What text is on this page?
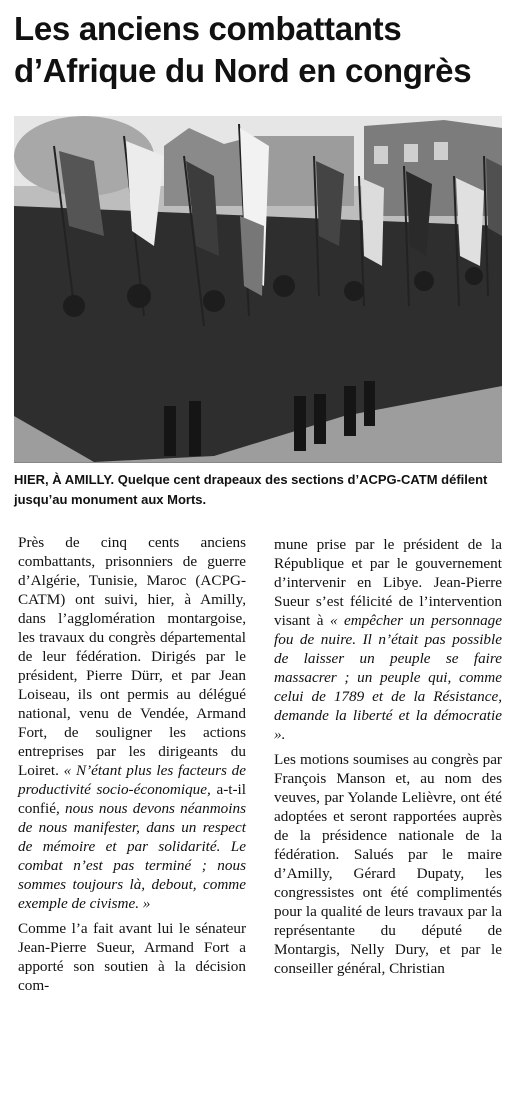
Les anciens combattants d’Afrique du Nord en congrès
HIER, À AMILLY. Quelque cent drapeaux des sections d’ACPG-CATM défilent jusqu’au monument aux Morts.

Près de cinq cents anciens combattants, prisonniers de guerre d’Algérie, Tunisie, Maroc (ACPG-CATM) ont suivi, hier, à Amilly, dans l’agglomération montargoise, les travaux du congrès départemental de leur fédération. Dirigés par le président, Pierre Dürr, et par Jean Loiseau, ils ont permis au délégué national, venu de Vendée, Armand Fort, de souligner les actions entreprises par les dirigeants du Loiret. « N’étant plus les facteurs de productivité socio-économique, a-t-il confié, nous nous devons néanmoins de nous manifester, dans un respect de mémoire et par solidarité. Le combat n’est pas terminé ; nous sommes toujours là, debout, comme exemple de civisme. »

Comme l’a fait avant lui le sénateur Jean-Pierre Sueur, Armand Fort a apporté son soutien à la décision com-

mune prise par le président de la République et par le gouvernement d’intervenir en Libye. Jean-Pierre Sueur s’est félicité de l’intervention visant à « empêcher un personnage fou de nuire. Il n’était pas possible de laisser un peuple se faire massacrer ; un peuple qui, comme celui de 1789 et de la Résistance, demande la liberté et la démocratie ».

Les motions soumises au congrès par François Manson et, au nom des veuves, par Yolande Lelièvre, ont été adoptées et seront rapportées auprès de la présidence nationale de la fédération. Salués par le maire d’Amilly, Gérard Dupaty, les congressistes ont été complimentés pour la qualité de leurs travaux par la représentante du député de Montargis, Nelly Dury, et par le conseiller général, Christian
